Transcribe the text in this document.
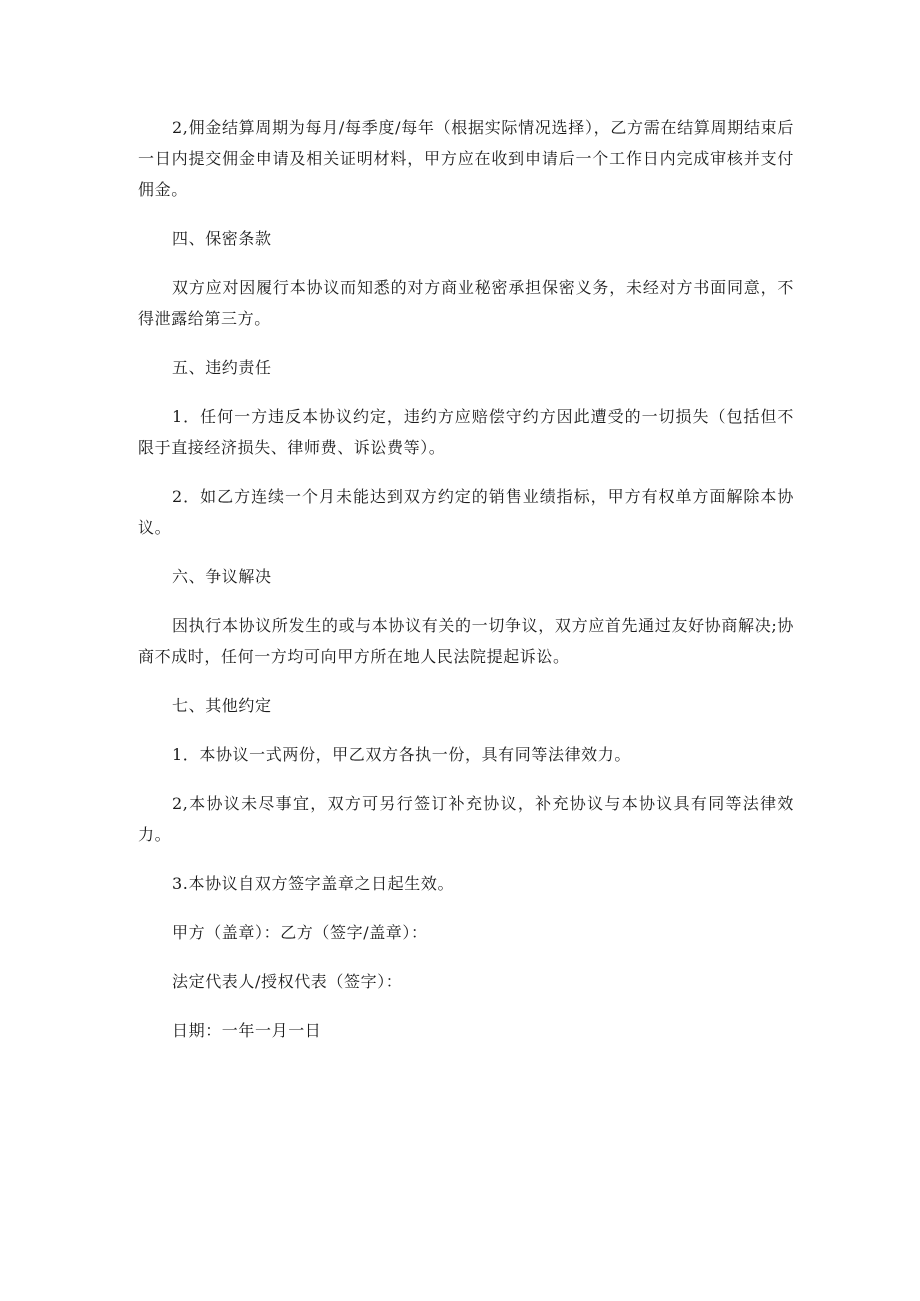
2,佣金结算周期为每月/每季度/每年（根据实际情况选择），乙方需在结算周期结束后一日内提交佣金申请及相关证明材料，甲方应在收到申请后一个工作日内完成审核并支付佣金。

四、保密条款

双方应对因履行本协议而知悉的对方商业秘密承担保密义务，未经对方书面同意，不得泄露给第三方。

五、违约责任

1．任何一方违反本协议约定，违约方应赔偿守约方因此遭受的一切损失（包括但不限于直接经济损失、律师费、诉讼费等）。

2．如乙方连续一个月未能达到双方约定的销售业绩指标，甲方有权单方面解除本协议。

六、争议解决

因执行本协议所发生的或与本协议有关的一切争议，双方应首先通过友好协商解决;协商不成时，任何一方均可向甲方所在地人民法院提起诉讼。

七、其他约定

1．本协议一式两份，甲乙双方各执一份，具有同等法律效力。

2,本协议未尽事宜，双方可另行签订补充协议，补充协议与本协议具有同等法律效力。

3.本协议自双方签字盖章之日起生效。

甲方（盖章）：乙方（签字/盖章）：

法定代表人/授权代表（签字）：

日期：一年一月一日
